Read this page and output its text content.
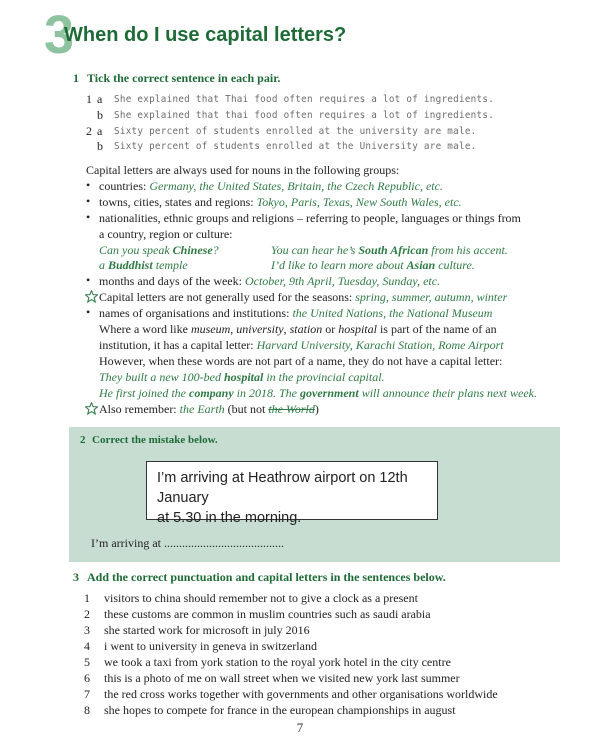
3
When do I use capital letters?
1 Tick the correct sentence in each pair.
1 a She explained that Thai food often requires a lot of ingredients.
b She explained that thai food often requires a lot of ingredients.
2 a Sixty percent of students enrolled at the university are male.
b Sixty percent of students enrolled at the University are male.
Capital letters are always used for nouns in the following groups:
• countries: Germany, the United States, Britain, the Czech Republic, etc.
• towns, cities, states and regions: Tokyo, Paris, Texas, New South Wales, etc.
• nationalities, ethnic groups and religions – referring to people, languages or things from
a country, region or culture:
Can you speak Chinese?	You can hear he’s South African from his accent.
a Buddhist temple	I’d like to learn more about Asian culture.
• months and days of the week: October, 9th April, Tuesday, Sunday, etc.
Capital letters are not generally used for the seasons: spring, summer, autumn, winter
• names of organisations and institutions: the United Nations, the National Museum
Where a word like museum, university, station or hospital is part of the name of an
institution, it has a capital letter: Harvard University, Karachi Station, Rome Airport
However, when these words are not part of a name, they do not have a capital letter:
They built a new 100-bed hospital in the provincial capital.
He first joined the company in 2018. The government will announce their plans next week.
Also remember: the Earth (but not the World)
2 Correct the mistake below.
I’m arriving at Heathrow airport on 12th January
at 5.30 in the morning.
I’m arriving at ........................................
3 Add the correct punctuation and capital letters in the sentences below.
1 visitors to china should remember not to give a clock as a present
2 these customs are common in muslim countries such as saudi arabia
3 she started work for microsoft in july 2016
4 i went to university in geneva in switzerland
5 we took a taxi from york station to the royal york hotel in the city centre
6 this is a photo of me on wall street when we visited new york last summer
7 the red cross works together with governments and other organisations worldwide
8 she hopes to compete for france in the european championships in august
7
